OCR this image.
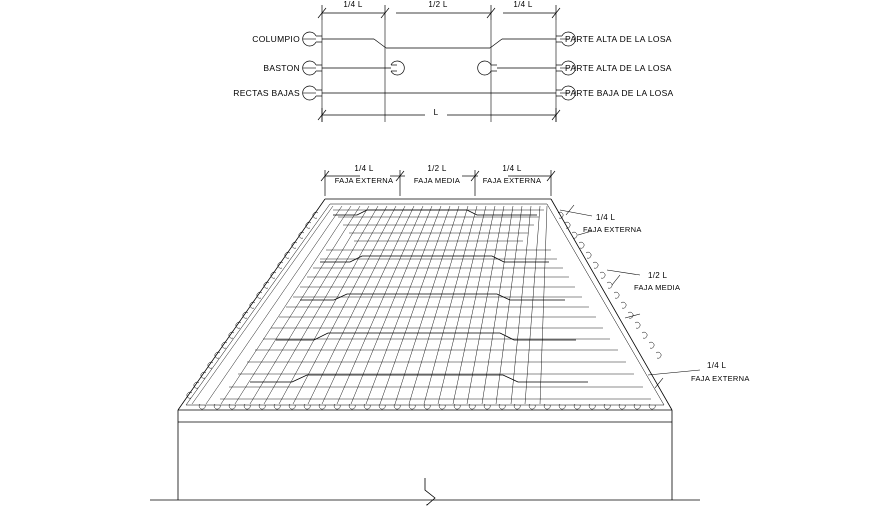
1/4 L	1/2 L	1/4 L
L
COLUMPIO
BASTON
RECTAS BAJAS
PARTE ALTA DE LA LOSA
PARTE ALTA DE LA LOSA
PARTE BAJA DE LA LOSA
1/4 L
FAJA EXTERNA
1/2 L
FAJA MEDIA
1/4 L
FAJA EXTERNA
1/4 L
FAJA EXTERNA
1/2 L
FAJA MEDIA
1/4 L
FAJA EXTERNA
